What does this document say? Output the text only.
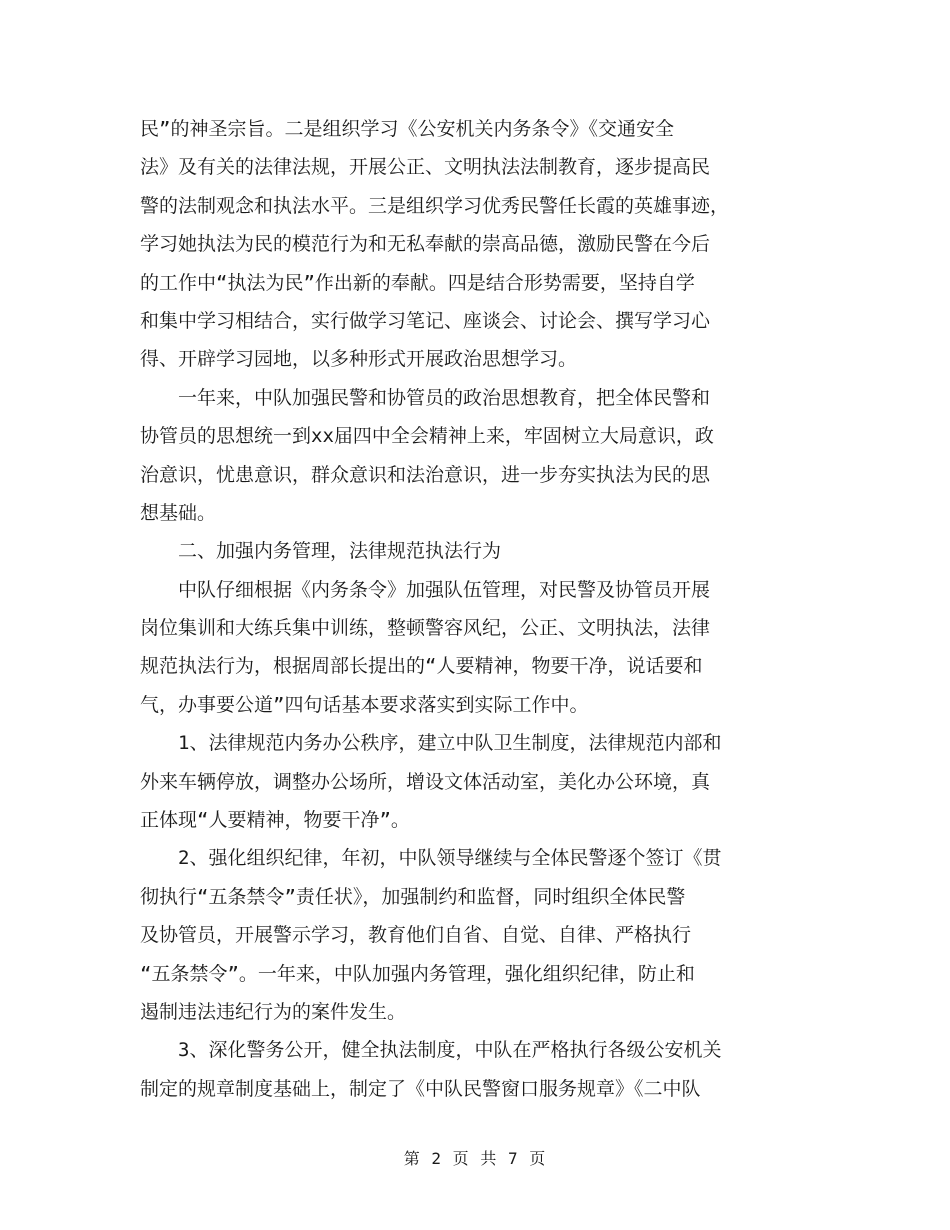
民”的神圣宗旨。二是组织学习《公安机关内务条令》《交通安全
法》及有关的法律法规，开展公正、文明执法法制教育，逐步提高民
警的法制观念和执法水平。三是组织学习优秀民警任长霞的英雄事迹，
学习她执法为民的模范行为和无私奉献的崇高品德，激励民警在今后
的工作中“执法为民”作出新的奉献。四是结合形势需要，坚持自学
和集中学习相结合，实行做学习笔记、座谈会、讨论会、撰写学习心
得、开辟学习园地，以多种形式开展政治思想学习。
　　一年来，中队加强民警和协管员的政治思想教育，把全体民警和
协管员的思想统一到xx届四中全会精神上来，牢固树立大局意识，政
治意识，忧患意识，群众意识和法治意识，进一步夯实执法为民的思
想基础。
　　二、加强内务管理，法律规范执法行为
　　中队仔细根据《内务条令》加强队伍管理，对民警及协管员开展
岗位集训和大练兵集中训练，整顿警容风纪，公正、文明执法，法律
规范执法行为，根据周部长提出的“人要精神，物要干净，说话要和
气，办事要公道”四句话基本要求落实到实际工作中。
　　1、法律规范内务办公秩序，建立中队卫生制度，法律规范内部和
外来车辆停放，调整办公场所，增设文体活动室，美化办公环境，真
正体现“人要精神，物要干净”。
　　2、强化组织纪律，年初，中队领导继续与全体民警逐个签订《贯
彻执行“五条禁令”责任状》，加强制约和监督，同时组织全体民警
及协管员，开展警示学习，教育他们自省、自觉、自律、严格执行
“五条禁令”。一年来，中队加强内务管理，强化组织纪律，防止和
遏制违法违纪行为的案件发生。
　　3、深化警务公开，健全执法制度，中队在严格执行各级公安机关
制定的规章制度基础上，制定了《中队民警窗口服务规章》《二中队
第 2 页 共 7 页
